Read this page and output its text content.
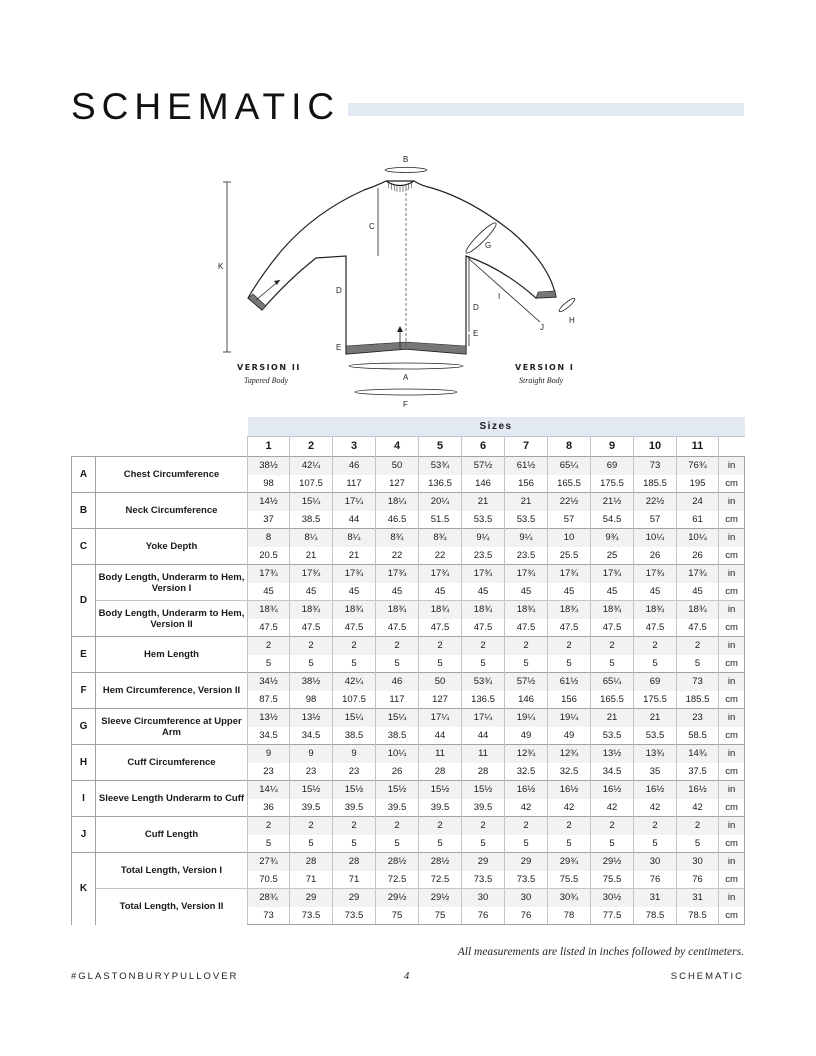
SCHEMATIC
B
C
G
K
D
D
I
H
J
E
E
A
F
VERSION II
Tapered Body
VERSION I
Straight Body
		Sizes											
		1	2	3	4	5	6	7	8	9	10	11	
A	Chest Circumference	38½	42¼	46	50	53¾	57½	61½	65¼	69	73	76¾	in
		98	107.5	117	127	136.5	146	156	165.5	175.5	185.5	195	cm
B	Neck Circumference	14½	15¼	17¼	18¼	20¼	21	21	22½	21½	22½	24	in
		37	38.5	44	46.5	51.5	53.5	53.5	57	54.5	57	61	cm
C	Yoke Depth	8	8¼	8¼	8¾	8¾	9¼	9¼	10	9¾	10¼	10¼	in
		20.5	21	21	22	22	23.5	23.5	25.5	25	26	26	cm
D	Body Length, Underarm to Hem, Version I	17¾	17¾	17¾	17¾	17¾	17¾	17¾	17¾	17¾	17¾	17¾	in
		45	45	45	45	45	45	45	45	45	45	45	cm
	Body Length, Underarm to Hem, Version II	18¾	18¾	18¾	18¾	18¾	18¾	18¾	18¾	18¾	18¾	18¾	in
		47.5	47.5	47.5	47.5	47.5	47.5	47.5	47.5	47.5	47.5	47.5	cm
E	Hem Length	2	2	2	2	2	2	2	2	2	2	2	in
		5	5	5	5	5	5	5	5	5	5	5	cm
F	Hem Circumference, Version II	34½	38½	42¼	46	50	53¾	57½	61½	65¼	69	73	in
		87.5	98	107.5	117	127	136.5	146	156	165.5	175.5	185.5	cm
G	Sleeve Circumference at Upper Arm	13½	13½	15¼	15¼	17¼	17¼	19¼	19¼	21	21	23	in
		34.5	34.5	38.5	38.5	44	44	49	49	53.5	53.5	58.5	cm
H	Cuff Circumference	9	9	9	10¼	11	11	12¾	12¾	13½	13¾	14¾	in
		23	23	23	26	28	28	32.5	32.5	34.5	35	37.5	cm
I	Sleeve Length Underarm to Cuff	14¼	15½	15½	15½	15½	15½	16½	16½	16½	16½	16½	in
		36	39.5	39.5	39.5	39.5	39.5	42	42	42	42	42	cm
J	Cuff Length	2	2	2	2	2	2	2	2	2	2	2	in
		5	5	5	5	5	5	5	5	5	5	5	cm
K	Total Length, Version I	27¾	28	28	28½	28½	29	29	29¾	29½	30	30	in
		70.5	71	71	72.5	72.5	73.5	73.5	75.5	75.5	76	76	cm
	Total Length, Version II	28¾	29	29	29½	29½	30	30	30¾	30½	31	31	in
		73	73.5	73.5	75	75	76	76	78	77.5	78.5	78.5	cm
All measurements are listed in inches followed by centimeters.
#GLASTONBURYPULLOVER	4	SCHEMATIC
